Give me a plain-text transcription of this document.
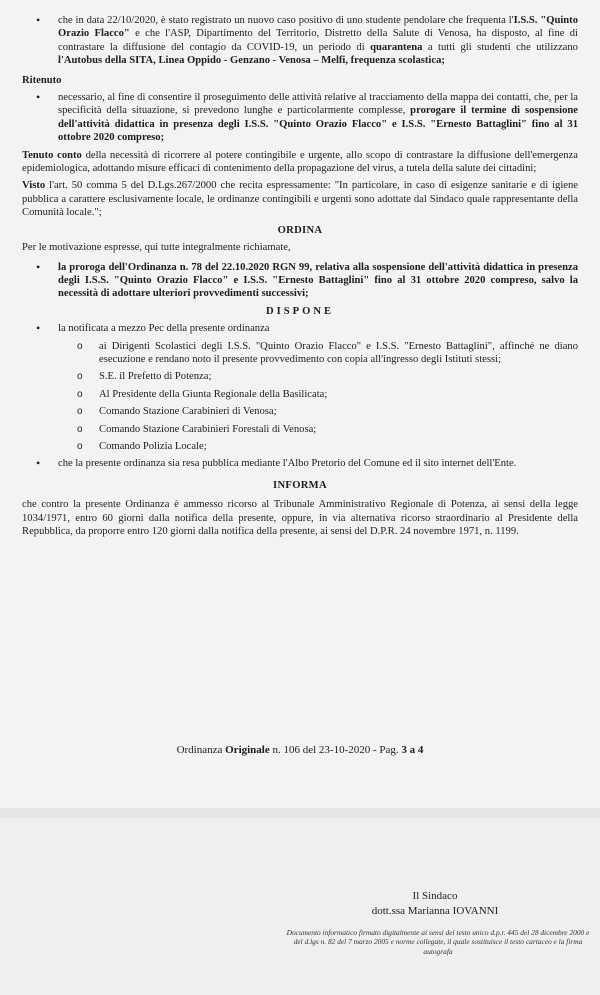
• che in data 22/10/2020, è stato registrato un nuovo caso positivo di uno studente pendolare che frequenta l'I.S.S. "Quinto Orazio Flacco" e che l'ASP, Dipartimento del Territorio, Distretto della Salute di Venosa, ha disposto, al fine di contrastare la diffusione del contagio da COVID-19, un periodo di quarantena a tutti gli studenti che utilizzano l'Autobus della SITA, Linea Oppido - Genzano - Venosa – Melfi, frequenza scolastica;
Ritenuto
• necessario, al fine di consentire il proseguimento delle attività relative al tracciamento della mappa dei contatti, che, per la specificità della situazione, si prevedono lunghe e particolarmente complesse, prorogare il termine di sospensione dell'attività didattica in presenza degli I.S.S. "Quinto Orazio Flacco" e I.S.S. "Ernesto Battaglini" fino al 31 ottobre 2020 compreso;
Tenuto conto della necessità di ricorrere al potere contingibile e urgente, allo scopo di contrastare la diffusione dell'emergenza epidemiologica, adottando misure efficaci di contenimento della propagazione del virus, a tutela della salute dei cittadini;
Visto l'art. 50 comma 5 del D.Lgs.267/2000 che recita espressamente: "In particolare, in caso di esigenze sanitarie e di igiene pubblica a carattere esclusivamente locale, le ordinanze contingibili e urgenti sono adottate dal Sindaco quale rappresentante della Comunità locale.";
ORDINA
Per le motivazione espresse, qui tutte integralmente richiamate,
• la proroga dell'Ordinanza n. 78 del 22.10.2020 RGN 99, relativa alla sospensione dell'attività didattica in presenza degli I.S.S. "Quinto Orazio Flacco" e I.S.S. "Ernesto Battaglini" fino al 31 ottobre 2020 compreso, salvo la necessità di adottare ulteriori provvedimenti successivi;
DISPONE
• la notificata a mezzo Pec della presente ordinanza
o ai Dirigenti Scolastici degli I.S.S. "Quinto Orazio Flacco" e I.S.S. "Ernesto Battaglini", affinché ne diano esecuzione e rendano noto il presente provvedimento con copia all'ingresso degli Istituti stessi;
o S.E. il Prefetto di Potenza;
o Al Presidente della Giunta Regionale della Basilicata;
o Comando Stazione Carabinieri di Venosa;
o Comando Stazione Carabinieri Forestali di Venosa;
o Comando Polizia Locale;
• che la presente ordinanza sia resa pubblica mediante l'Albo Pretorio del Comune ed il sito internet dell'Ente.
INFORMA
che contro la presente Ordinanza è ammesso ricorso al Tribunale Amministrativo Regionale di Potenza, ai sensi della legge 1034/1971, entro 60 giorni dalla notifica della presente, oppure, in via alternativa ricorso straordinario al Presidente della Repubblica, da proporre entro 120 giorni dalla notifica della presente, ai sensi del D.P.R. 24 novembre 1971, n. 1199.
Ordinanza Originale n. 106 del 23-10-2020 - Pag. 3 a 4
Il Sindaco
dott.ssa Marianna IOVANNI
Documento informatico firmato digitalmente ai sensi del testo unico d.p.r. 445 del 28 dicembre 2000 e del d.lgs n. 82 del 7 marzo 2005 e norme collegate, il quale sostituisce il testo cartaceo e la firma autografa
